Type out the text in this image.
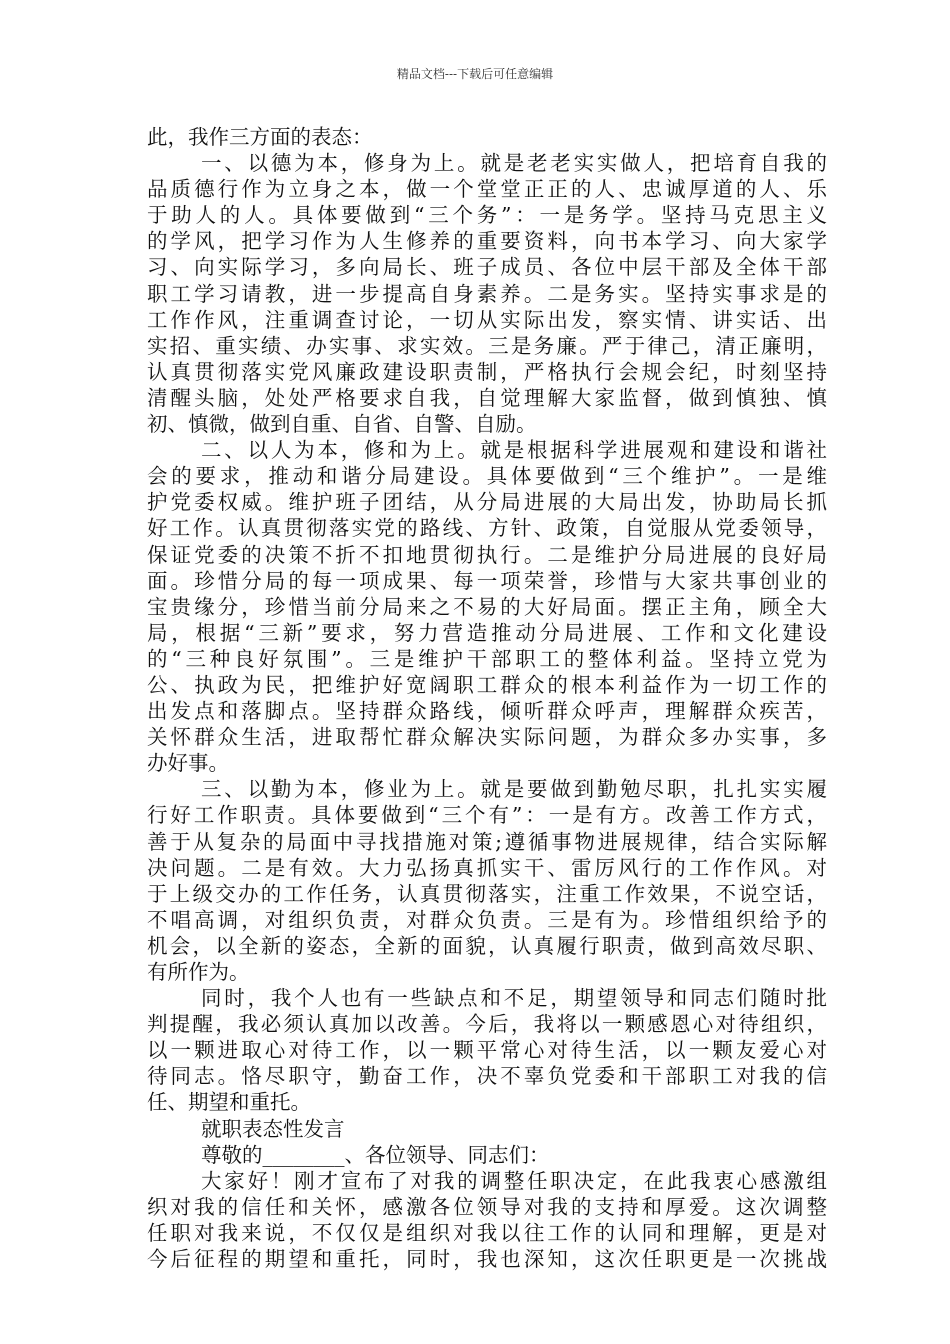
精品文档---下载后可任意编辑
此，我作三方面的表态：
一、以德为本，修身为上。就是老老实实做人，把培育自我的
品质德行作为立身之本，做一个堂堂正正的人、忠诚厚道的人、乐
于助人的人。具体要做到“三个务”：一是务学。坚持马克思主义
的学风，把学习作为人生修养的重要资料，向书本学习、向大家学
习、向实际学习，多向局长、班子成员、各位中层干部及全体干部
职工学习请教，进一步提高自身素养。二是务实。坚持实事求是的
工作作风，注重调查讨论，一切从实际出发，察实情、讲实话、出
实招、重实绩、办实事、求实效。三是务廉。严于律己，清正廉明，
认真贯彻落实党风廉政建设职责制，严格执行会规会纪，时刻坚持
清醒头脑，处处严格要求自我，自觉理解大家监督，做到慎独、慎
初、慎微，做到自重、自省、自警、自励。
二、以人为本，修和为上。就是根据科学进展观和建设和谐社
会的要求，推动和谐分局建设。具体要做到“三个维护”。一是维
护党委权威。维护班子团结，从分局进展的大局出发，协助局长抓
好工作。认真贯彻落实党的路线、方针、政策，自觉服从党委领导，
保证党委的决策不折不扣地贯彻执行。二是维护分局进展的良好局
面。珍惜分局的每一项成果、每一项荣誉，珍惜与大家共事创业的
宝贵缘分，珍惜当前分局来之不易的大好局面。摆正主角，顾全大
局，根据“三新”要求，努力营造推动分局进展、工作和文化建设
的“三种良好氛围”。三是维护干部职工的整体利益。坚持立党为
公、执政为民，把维护好宽阔职工群众的根本利益作为一切工作的
出发点和落脚点。坚持群众路线，倾听群众呼声，理解群众疾苦，
关怀群众生活，进取帮忙群众解决实际问题，为群众多办实事，多
办好事。
三、以勤为本，修业为上。就是要做到勤勉尽职，扎扎实实履
行好工作职责。具体要做到“三个有”：一是有方。改善工作方式，
善于从复杂的局面中寻找措施对策;遵循事物进展规律，结合实际解
决问题。二是有效。大力弘扬真抓实干、雷厉风行的工作作风。对
于上级交办的工作任务，认真贯彻落实，注重工作效果，不说空话，
不唱高调，对组织负责，对群众负责。三是有为。珍惜组织给予的
机会，以全新的姿态，全新的面貌，认真履行职责，做到高效尽职、
有所作为。
同时，我个人也有一些缺点和不足，期望领导和同志们随时批
判提醒，我必须认真加以改善。今后，我将以一颗感恩心对待组织，
以一颗进取心对待工作，以一颗平常心对待生活，以一颗友爱心对
待同志。恪尽职守，勤奋工作，决不辜负党委和干部职工对我的信
任、期望和重托。
就职表态性发言
尊敬的________、各位领导、同志们：
大家好！刚才宣布了对我的调整任职决定，在此我衷心感激组
织对我的信任和关怀，感激各位领导对我的支持和厚爱。这次调整
任职对我来说，不仅仅是组织对我以往工作的认同和理解，更是对
今后征程的期望和重托，同时，我也深知，这次任职更是一次挑战
